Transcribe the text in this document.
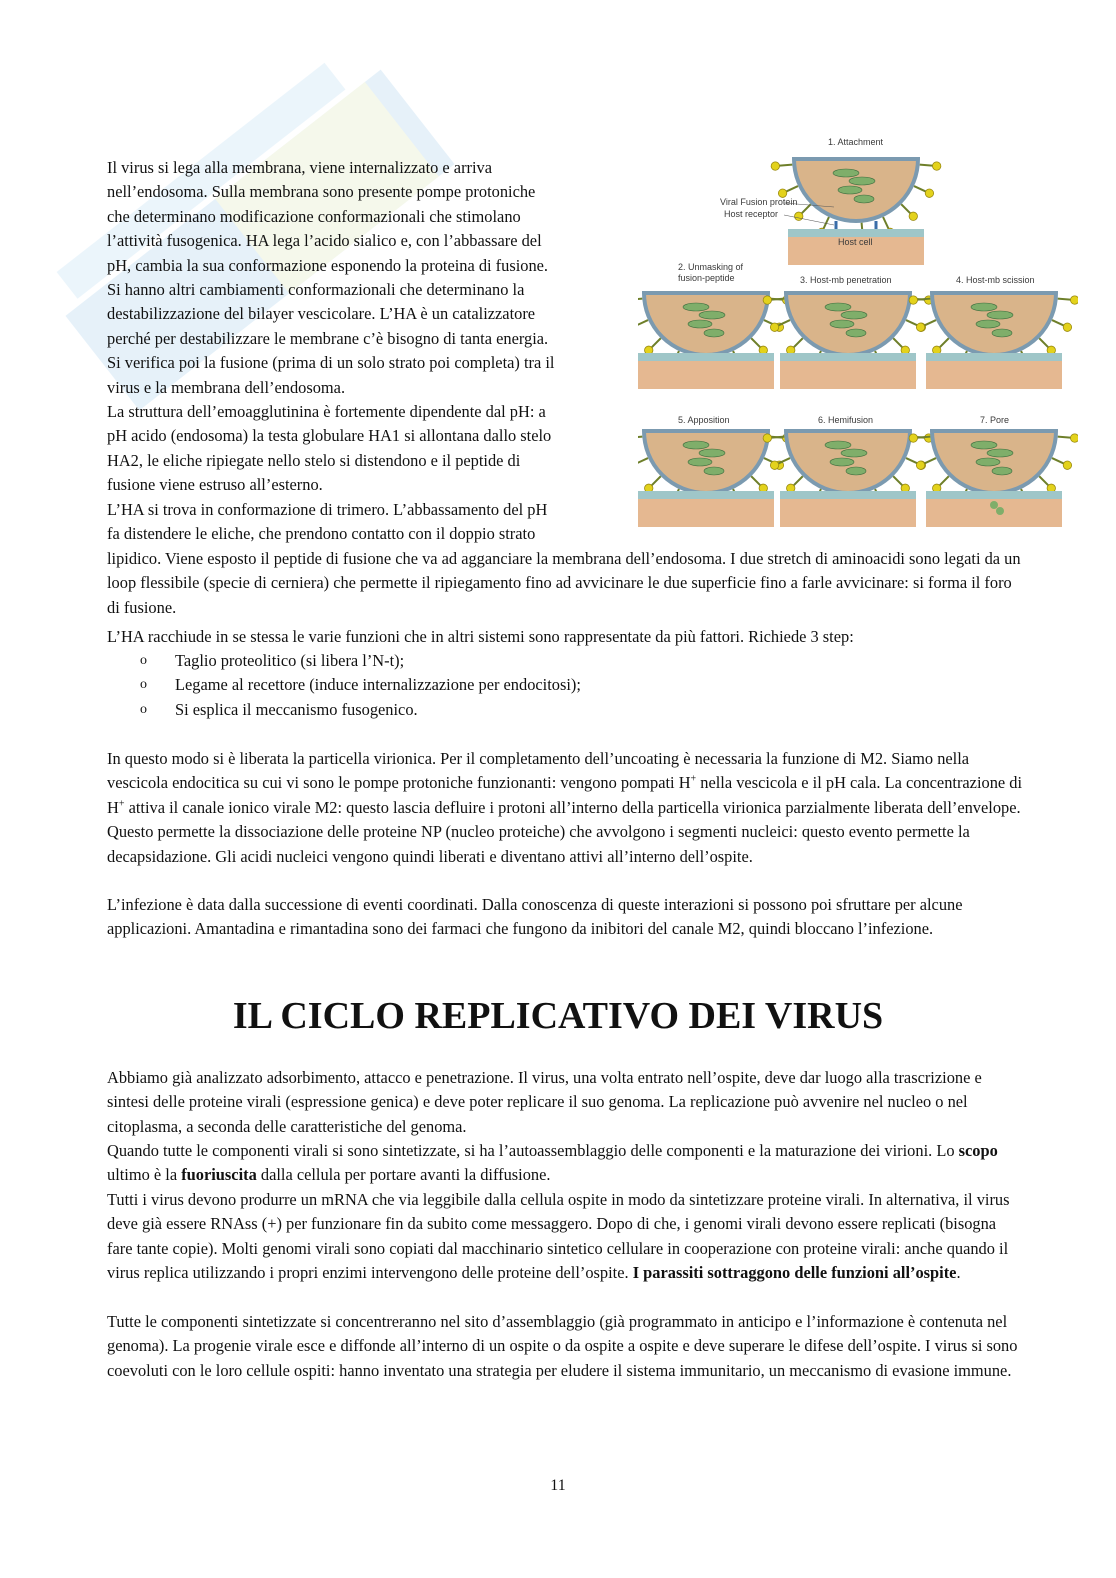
1. Attachment
Viral Fusion protein
Host receptor
Host cell
2. Unmasking of
fusion-peptide	3. Host-mb penetration	4. Host-mb scission
5. Apposition	6. Hemifusion	7. Pore
Il virus si lega alla membrana, viene internalizzato e arriva
nell’endosoma. Sulla membrana sono presente pompe protoniche
che determinano modificazione conformazionali che stimolano
l’attività fusogenica. HA lega l’acido sialico e, con l’abbassare del
pH, cambia la sua conformazione esponendo la proteina di fusione.
Si hanno altri cambiamenti conformazionali che determinano la
destabilizzazione del bilayer vescicolare. L’HA è un catalizzatore
perché per destabilizzare le membrane c’è bisogno di tanta energia.
Si verifica poi la fusione (prima di un solo strato poi completa) tra il
virus e la membrana dell’endosoma.
La struttura dell’emoagglutinina è fortemente dipendente dal pH: a
pH acido (endosoma) la testa globulare HA1 si allontana dallo stelo
HA2, le eliche ripiegate nello stelo si distendono e il peptide di
fusione viene estruso all’esterno.
L’HA si trova in conformazione di trimero. L’abbassamento del pH
fa distendere le eliche, che prendono contatto con il doppio strato
lipidico. Viene esposto il peptide di fusione che va ad agganciare la membrana dell’endosoma. I due stretch di aminoacidi sono legati da un loop flessibile (specie di cerniera) che permette il ripiegamento fino ad avvicinare le due superficie fino a farle avvicinare: si forma il foro di fusione.
L’HA racchiude in se stessa le varie funzioni che in altri sistemi sono rappresentate da più fattori. Richiede 3 step:
o Taglio proteolitico (si libera l’N-t);
o Legame al recettore (induce internalizzazione per endocitosi);
o Si esplica il meccanismo fusogenico.
In questo modo si è liberata la particella virionica. Per il completamento dell’uncoating è necessaria la funzione di M2. Siamo nella vescicola endocitica su cui vi sono le pompe protoniche funzionanti: vengono pompati H+ nella vescicola e il pH cala. La concentrazione di H+ attiva il canale ionico virale M2: questo lascia defluire i protoni all’interno della particella virionica parzialmente liberata dell’envelope. Questo permette la dissociazione delle proteine NP (nucleo proteiche) che avvolgono i segmenti nucleici: questo evento permette la decapsidazione. Gli acidi nucleici vengono quindi liberati e diventano attivi all’interno dell’ospite.
L’infezione è data dalla successione di eventi coordinati. Dalla conoscenza di queste interazioni si possono poi sfruttare per alcune applicazioni. Amantadina e rimantadina sono dei farmaci che fungono da inibitori del canale M2, quindi bloccano l’infezione.
IL CICLO REPLICATIVO DEI VIRUS
Abbiamo già analizzato adsorbimento, attacco e penetrazione. Il virus, una volta entrato nell’ospite, deve dar luogo alla trascrizione e sintesi delle proteine virali (espressione genica) e deve poter replicare il suo genoma. La replicazione può avvenire nel nucleo o nel citoplasma, a seconda delle caratteristiche del genoma.
Quando tutte le componenti virali si sono sintetizzate, si ha l’autoassemblaggio delle componenti e la maturazione dei virioni. Lo scopo ultimo è la fuoriuscita dalla cellula per portare avanti la diffusione.
Tutti i virus devono produrre un mRNA che via leggibile dalla cellula ospite in modo da sintetizzare proteine virali. In alternativa, il virus deve già essere RNAss (+) per funzionare fin da subito come messaggero. Dopo di che, i genomi virali devono essere replicati (bisogna fare tante copie). Molti genomi virali sono copiati dal macchinario sintetico cellulare in cooperazione con proteine virali: anche quando il virus replica utilizzando i propri enzimi intervengono delle proteine dell’ospite. I parassiti sottraggono delle funzioni all’ospite.
Tutte le componenti sintetizzate si concentreranno nel sito d’assemblaggio (già programmato in anticipo e l’informazione è contenuta nel genoma). La progenie virale esce e diffonde all’interno di un ospite o da ospite a ospite e deve superare le difese dell’ospite. I virus si sono coevoluti con le loro cellule ospiti: hanno inventato una strategia per eludere il sistema immunitario, un meccanismo di evasione immune.
11
